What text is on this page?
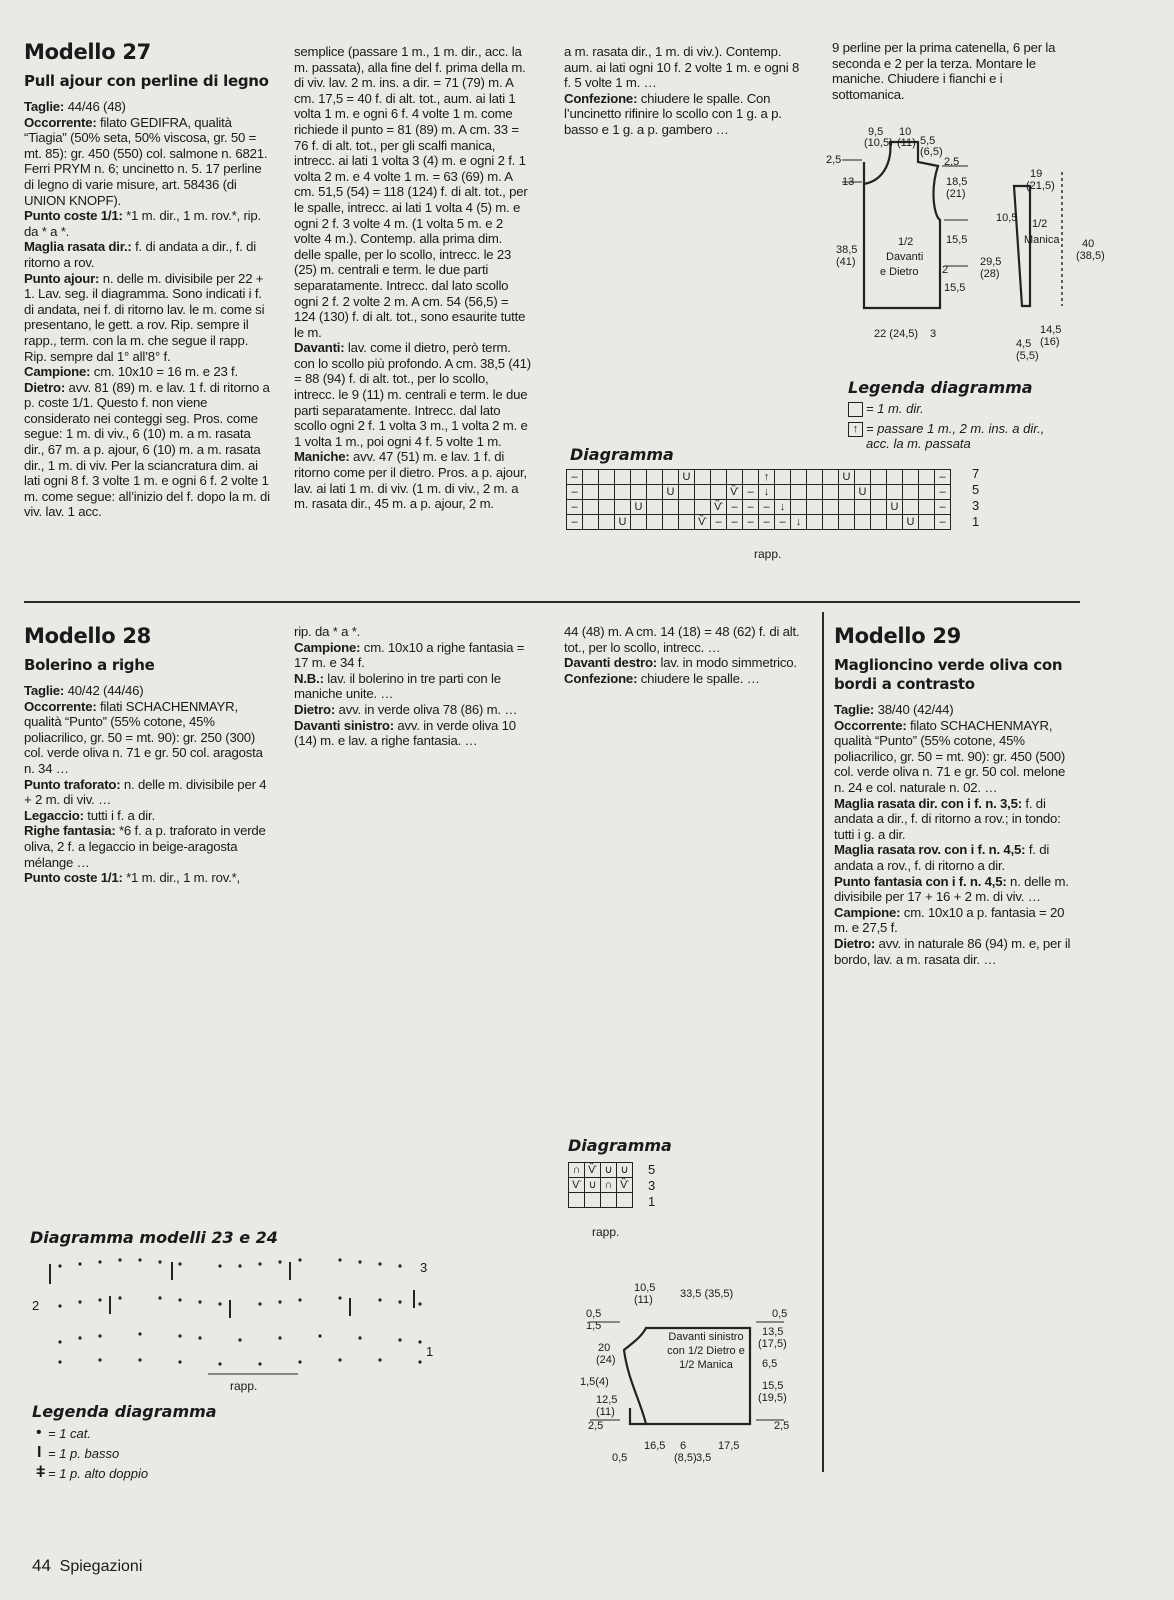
Modello 27
Pull ajour con perline di legno

Taglie: 44/46 (48)

Occorrente: filato GEDIFRA, qualità “Tiagia” (50% seta, 50% viscosa, gr. 50 = mt. 85): gr. 450 (550) col. salmone n. 6821. Ferri PRYM n. 6; uncinetto n. 5. 17 perline di legno di varie misure, art. 58436 (di UNION KNOPF).

Punto coste 1/1: *1 m. dir., 1 m. rov.*, rip. da * a *.

Maglia rasata dir.: f. di andata a dir., f. di ritorno a rov.

Punto ajour: n. delle m. divisibile per 22 + 1. Lav. seg. il diagramma. Sono indicati i f. di andata, nei f. di ritorno lav. le m. come si presentano, le gett. a rov. Rip. sempre il rapp., term. con la m. che segue il rapp. Rip. sempre dal 1° all’8° f.

Campione: cm. 10x10 = 16 m. e 23 f.

Dietro: avv. 81 (89) m. e lav. 1 f. di ritorno a p. coste 1/1. Questo f. non viene considerato nei conteggi seg. Pros. come segue: 1 m. di viv., 6 (10) m. a m. rasata dir., 67 m. a p. ajour, 6 (10) m. a m. rasata dir., 1 m. di viv. Per la sciancratura dim. ai lati ogni 8 f. 3 volte 1 m. e ogni 6 f. 2 volte 1 m. come segue: all’inizio del f. dopo la m. di viv. lav. 1 acc.

semplice (passare 1 m., 1 m. dir., acc. la m. passata), alla fine del f. prima della m. di viv. lav. 2 m. ins. a dir. = 71 (79) m. A cm. 17,5 = 40 f. di alt. tot., aum. ai lati 1 volta 1 m. e ogni 6 f. 4 volte 1 m. come richiede il punto = 81 (89) m. A cm. 33 = 76 f. di alt. tot., per gli scalfi manica, intrecc. ai lati 1 volta 3 (4) m. e ogni 2 f. 1 volta 2 m. e 4 volte 1 m. = 63 (69) m. A cm. 51,5 (54) = 118 (124) f. di alt. tot., per le spalle, intrecc. ai lati 1 volta 4 (5) m. e ogni 2 f. 3 volte 4 m. (1 volta 5 m. e 2 volte 4 m.). Contemp. alla prima dim. delle spalle, per lo scollo, intrecc. le 23 (25) m. centrali e term. le due parti separatamente. Intrecc. dal lato scollo ogni 2 f. 2 volte 2 m. A cm. 54 (56,5) = 124 (130) f. di alt. tot., sono esaurite tutte le m.

Davanti: lav. come il dietro, però term. con lo scollo più profondo. A cm. 38,5 (41) = 88 (94) f. di alt. tot., per lo scollo, intrecc. le 9 (11) m. centrali e term. le due parti separatamente. Intrecc. dal lato scollo ogni 2 f. 1 volta 3 m., 1 volta 2 m. e 1 volta 1 m., poi ogni 4 f. 5 volte 1 m.

Maniche: avv. 47 (51) m. e lav. 1 f. di ritorno come per il dietro. Pros. a p. ajour, lav. ai lati 1 m. di viv. (1 m. di viv., 2 m. a m. rasata dir., 45 m. a p. ajour, 2 m.

a m. rasata dir., 1 m. di viv.). Contemp. aum. ai lati ogni 10 f. 2 volte 1 m. e ogni 8 f. 5 volte 1 m. …

Confezione: chiudere le spalle. Con l’uncinetto rifinire lo scollo con 1 g. a p. basso e 1 g. a p. gambero …

9 perline per la prima catenella, 6 per la seconda e 2 per la terza. Montare le maniche. Chiudere i fianchi e i sottomanica.

9,5
(10,5)
10
(11) 5,5
(6,5)
2,5
13
2,5
18,5
(21)
10,5
15,5
38,5
(41)
1/2
Davanti
e Dietro 2
15,5
22 (24,5) 3
19
(21,5)
1/2
Manica 40
(38,5)
29,5
(28)
14,5
(16)
4,5
(5,5)
Legenda diagramma
= 1 m. dir.
↑ = passare 1 m., 2 m. ins. a dir., acc. la m. passata
Diagramma
–							U					↑					U						–
–						U				Ѷ	–	↓						U					–
–				U					Ѷ	–	–	–	↓							U			–
–			U					Ѷ	–	–	–	–	–	↓							U		–
7
5
3
1
rapp.
Modello 28
Bolerino a righe

Taglie: 40/42 (44/46)

Occorrente: filati SCHACHENMAYR, qualità “Punto” (55% cotone, 45% poliacrilico, gr. 50 = mt. 90): gr. 250 (300) col. verde oliva n. 71 e gr. 50 col. aragosta n. 34 …

Punto traforato: n. delle m. divisibile per 4 + 2 m. di viv. …

Legaccio: tutti i f. a dir.

Righe fantasia: *6 f. a p. traforato in verde oliva, 2 f. a legaccio in beige-aragosta mélange …

Punto coste 1/1: *1 m. dir., 1 m. rov.*,

rip. da * a *.

Campione: cm. 10x10 a righe fantasia = 17 m. e 34 f.

N.B.: lav. il bolerino in tre parti con le maniche unite. …

Dietro: avv. in verde oliva 78 (86) m. …

Davanti sinistro: avv. in verde oliva 10 (14) m. e lav. a righe fantasia. …

44 (48) m. A cm. 14 (18) = 48 (62) f. di alt. tot., per lo scollo, intrecc. …

Davanti destro: lav. in modo simmetrico.

Confezione: chiudere le spalle. …

Diagramma modelli 23 e 24
3
2
1
rapp.
Legenda diagramma
• = 1 cat.
I = 1 p. basso
ǂ = 1 p. alto doppio
Diagramma
∩	Ѷ	∪	∪
Ѵ	∪	∩	Ѷ

5
3
1
rapp.
Davanti sinistro
con 1/2 Dietro e
1/2 Manica
10,5
(11) 33,5 (35,5)
0,5
1,5
20
(24)
1,5(4)
12,5
(11)
2,5
0,5
13,5
(17,5)
6,5
15,5
(19,5)
2,5
16,5 6
(8,5) 3,5
17,5
0,5
Modello 29
Maglioncino verde oliva con bordi a contrasto

Taglie: 38/40 (42/44)

Occorrente: filato SCHACHENMAYR, qualità “Punto” (55% cotone, 45% poliacrilico, gr. 50 = mt. 90): gr. 450 (500) col. verde oliva n. 71 e gr. 50 col. melone n. 24 e col. naturale n. 02. …

Maglia rasata dir. con i f. n. 3,5: f. di andata a dir., f. di ritorno a rov.; in tondo: tutti i g. a dir.

Maglia rasata rov. con i f. n. 4,5: f. di andata a rov., f. di ritorno a dir.

Punto fantasia con i f. n. 4,5: n. delle m. divisibile per 17 + 16 + 2 m. di viv. …

Campione: cm. 10x10 a p. fantasia = 20 m. e 27,5 f.

Dietro: avv. in naturale 86 (94) m. e, per il bordo, lav. a m. rasata dir. …

44 Spiegazioni
